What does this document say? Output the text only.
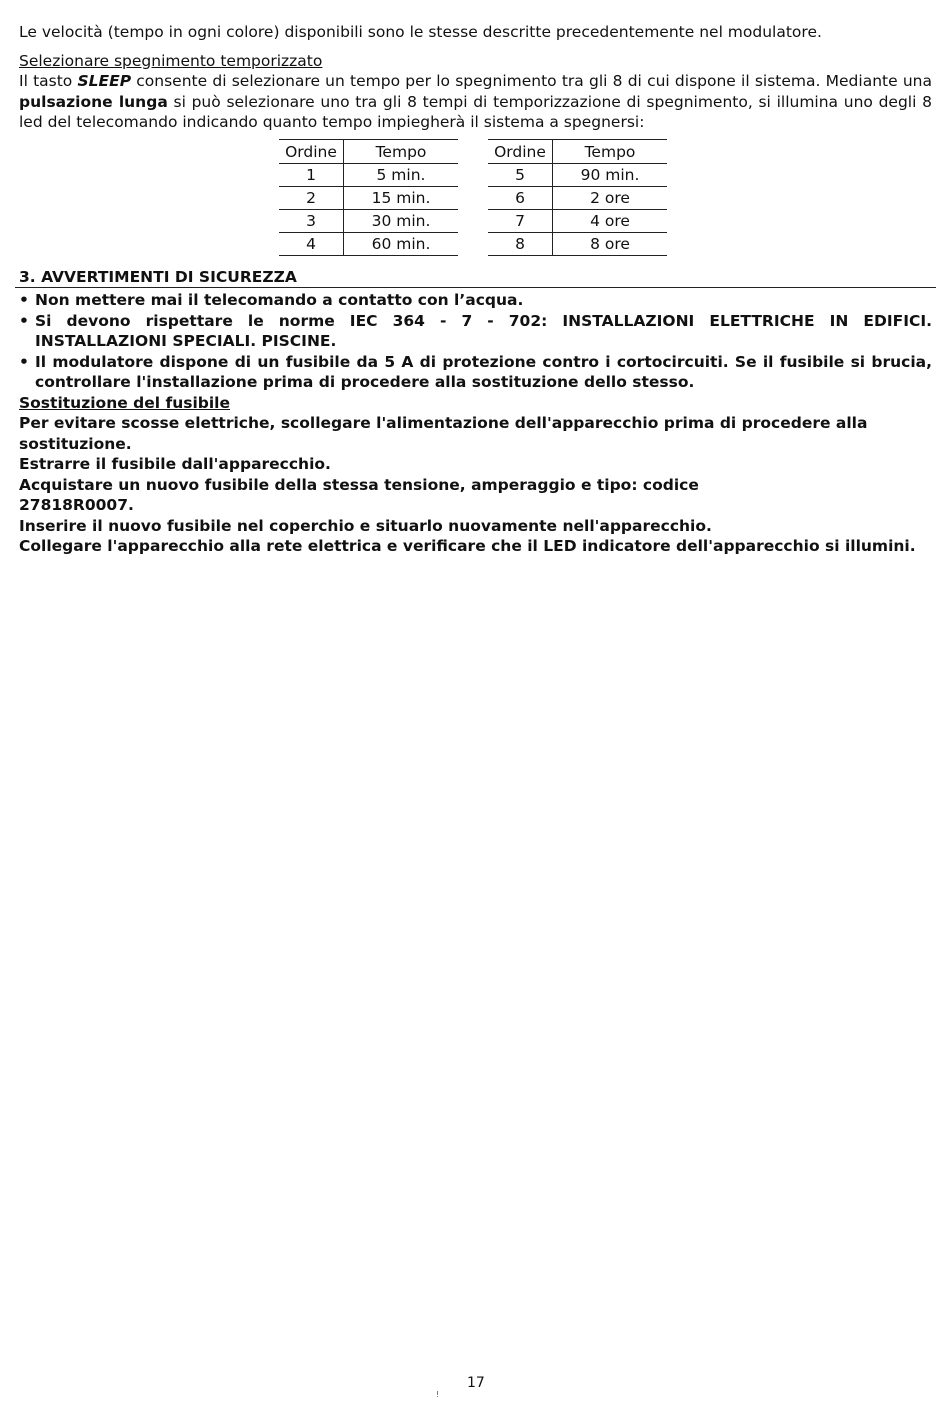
Le velocità (tempo in ogni colore) disponibili sono le stesse descritte precedentemente nel modulatore.

Selezionare spegnimento temporizzato

Il tasto SLEEP consente di selezionare un tempo per lo spegnimento tra gli 8 di cui dispone il sistema. Mediante una pulsazione lunga si può selezionare uno tra gli 8 tempi di temporizzazione di spegnimento, si illumina uno degli 8 led del telecomando indicando quanto tempo impiegherà il sistema a spegnersi:

Ordine	Tempo
1	5 min.
2	15 min.
3	30 min.
4	60 min.
Ordine	Tempo
5	90 min.
6	2 ore
7	4 ore
8	8 ore

3. AVVERTIMENTI DI SICUREZZA

• Non mettere mai il telecomando a contatto con l’acqua.
• Si devono rispettare le norme IEC 364 - 7 - 702: INSTALLAZIONI ELETTRICHE IN EDIFICI. INSTALLAZIONI SPECIALI. PISCINE.
• Il modulatore dispone di un fusibile da 5 A di protezione contro i cortocircuiti. Se il fusibile si brucia, controllare l'installazione prima di procedere alla sostituzione dello stesso.

Sostituzione del fusibile

Per evitare scosse elettriche, scollegare l'alimentazione dell'apparecchio prima di procedere alla sostituzione.

Estrarre il fusibile dall'apparecchio.

Acquistare un nuovo fusibile della stessa tensione, amperaggio e tipo: codice

27818R0007.

Inserire il nuovo fusibile nel coperchio e situarlo nuovamente nell'apparecchio.

Collegare l'apparecchio alla rete elettrica e verificare che il LED indicatore dell'apparecchio si illumini.

17
!
